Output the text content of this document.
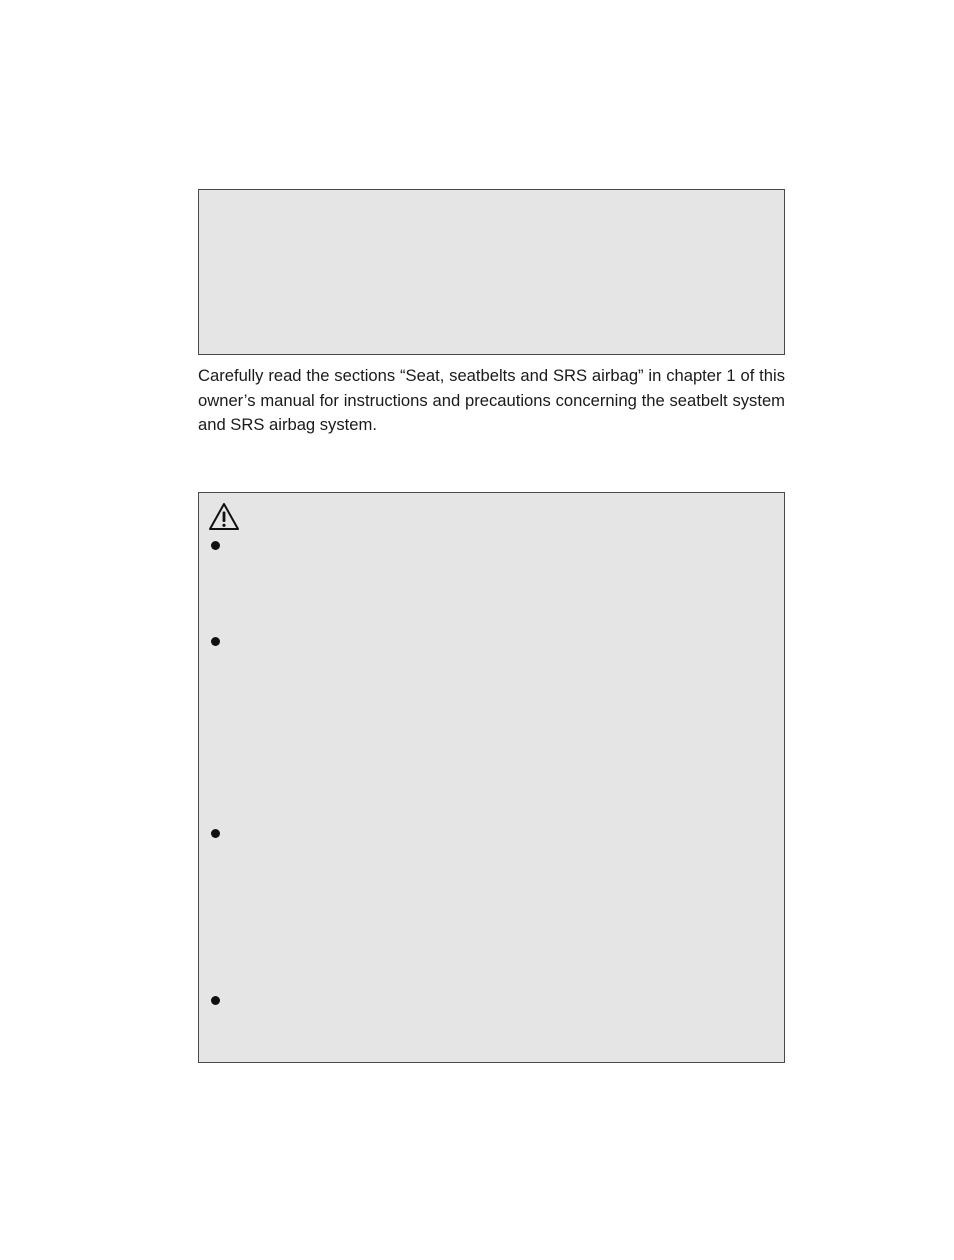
Carefully read the sections “Seat, seatbelts and SRS airbag” in chapter 1 of this owner’s manual for instructions and precautions concerning the seatbelt system and SRS airbag system.
